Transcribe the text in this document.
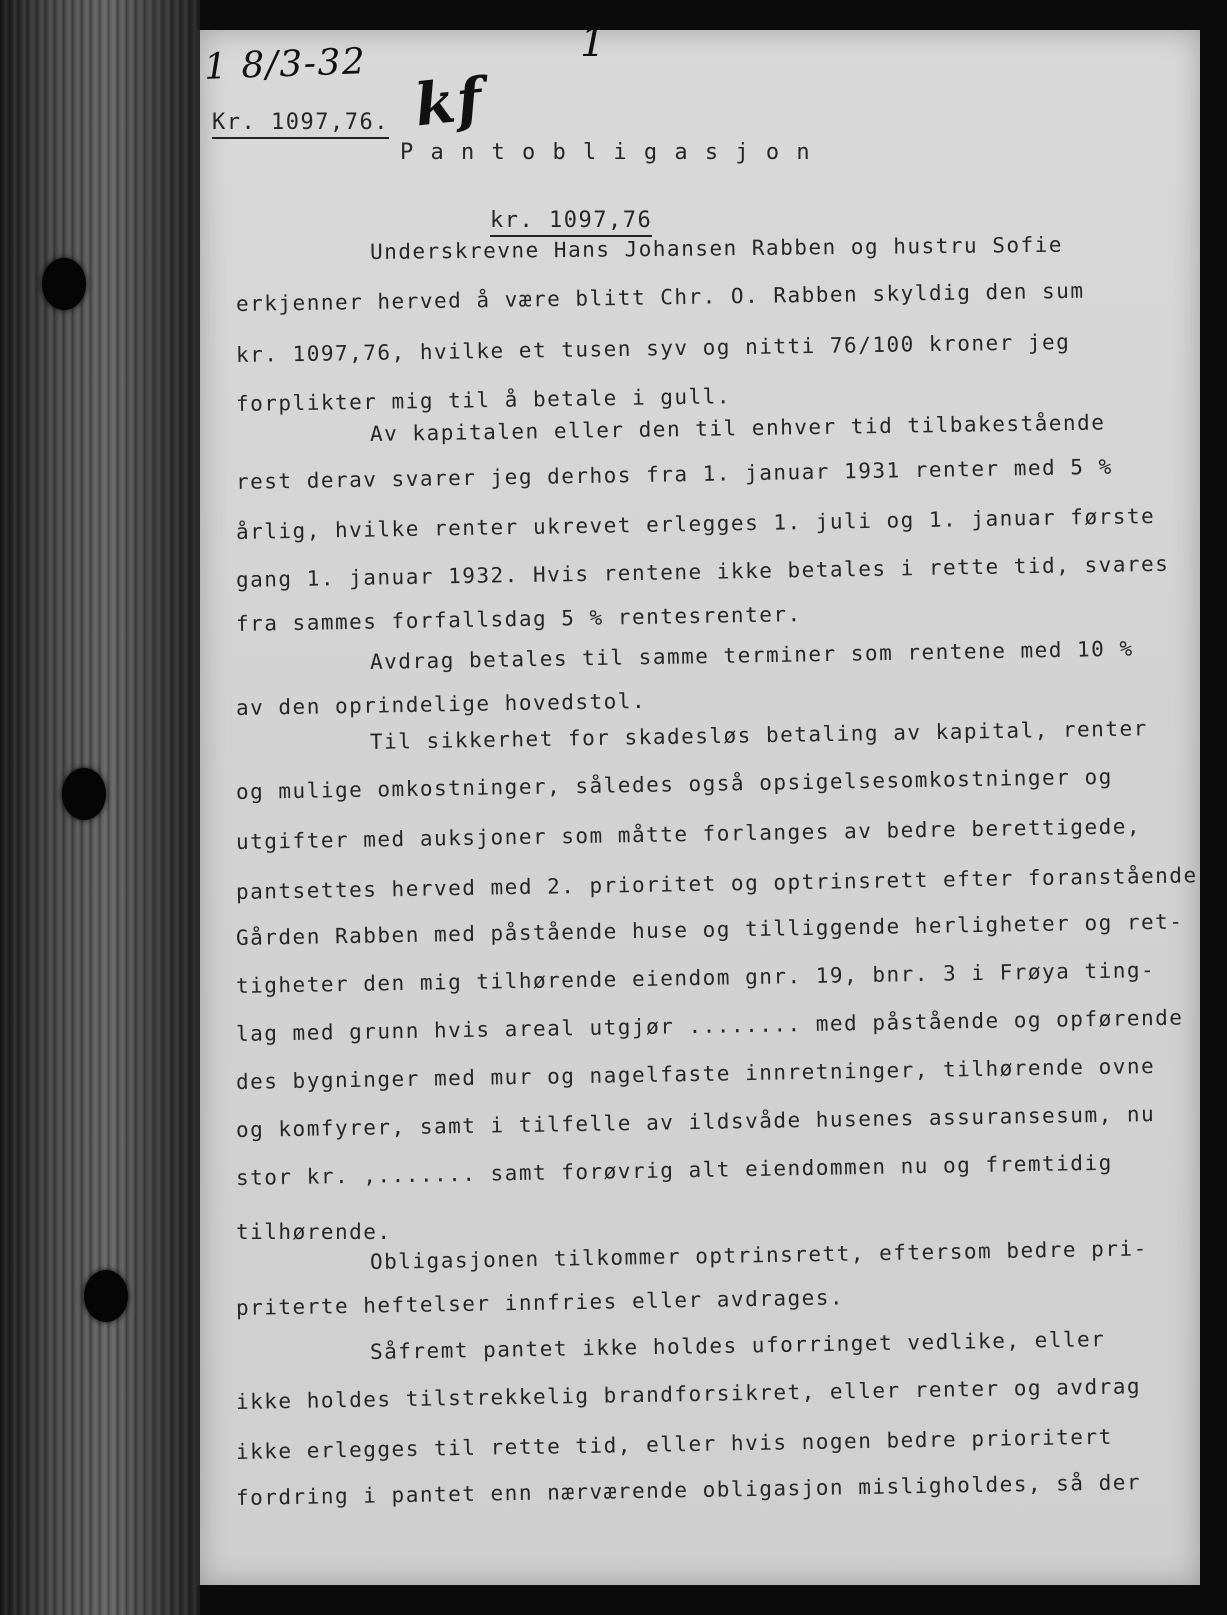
1 8/3-32
kf
1
Kr. 1097,76.
P a n t o b l i g a s j o n
kr. 1097,76
Underskrevne Hans Johansen Rabben og hustru Sofie
erkjenner herved å være blitt Chr. O. Rabben skyldig den sum
kr. 1097,76, hvilke et tusen syv og nitti 76/100 kroner jeg
forplikter mig til å betale i gull.
Av kapitalen eller den til enhver tid tilbakestående
rest derav svarer jeg derhos fra 1. januar 1931 renter med 5 %
årlig, hvilke renter ukrevet erlegges 1. juli og 1. januar første
gang 1. januar 1932. Hvis rentene ikke betales i rette tid, svares
fra sammes forfallsdag 5 % rentesrenter.
Avdrag betales til samme terminer som rentene med 10 %
av den oprindelige hovedstol.
Til sikkerhet for skadesløs betaling av kapital, renter
og mulige omkostninger, således også opsigelsesomkostninger og
utgifter med auksjoner som måtte forlanges av bedre berettigede,
pantsettes herved med 2. prioritet og optrinsrett efter foranstående
Gården Rabben med påstående huse og tilliggende herligheter og ret-
tigheter den mig tilhørende eiendom gnr. 19, bnr. 3 i Frøya ting-
lag med grunn hvis areal utgjør ........ med påstående og opførende
des bygninger med mur og nagelfaste innretninger, tilhørende ovne
og komfyrer, samt i tilfelle av ildsvåde husenes assuransesum, nu
stor kr. ,....... samt forøvrig alt eiendommen nu og fremtidig
tilhørende.
Obligasjonen tilkommer optrinsrett, eftersom bedre pri-
priterte heftelser innfries eller avdrages.
Såfremt pantet ikke holdes uforringet vedlike, eller
ikke holdes tilstrekkelig brandforsikret, eller renter og avdrag
ikke erlegges til rette tid, eller hvis nogen bedre prioritert
fordring i pantet enn nærværende obligasjon misligholdes, så der
